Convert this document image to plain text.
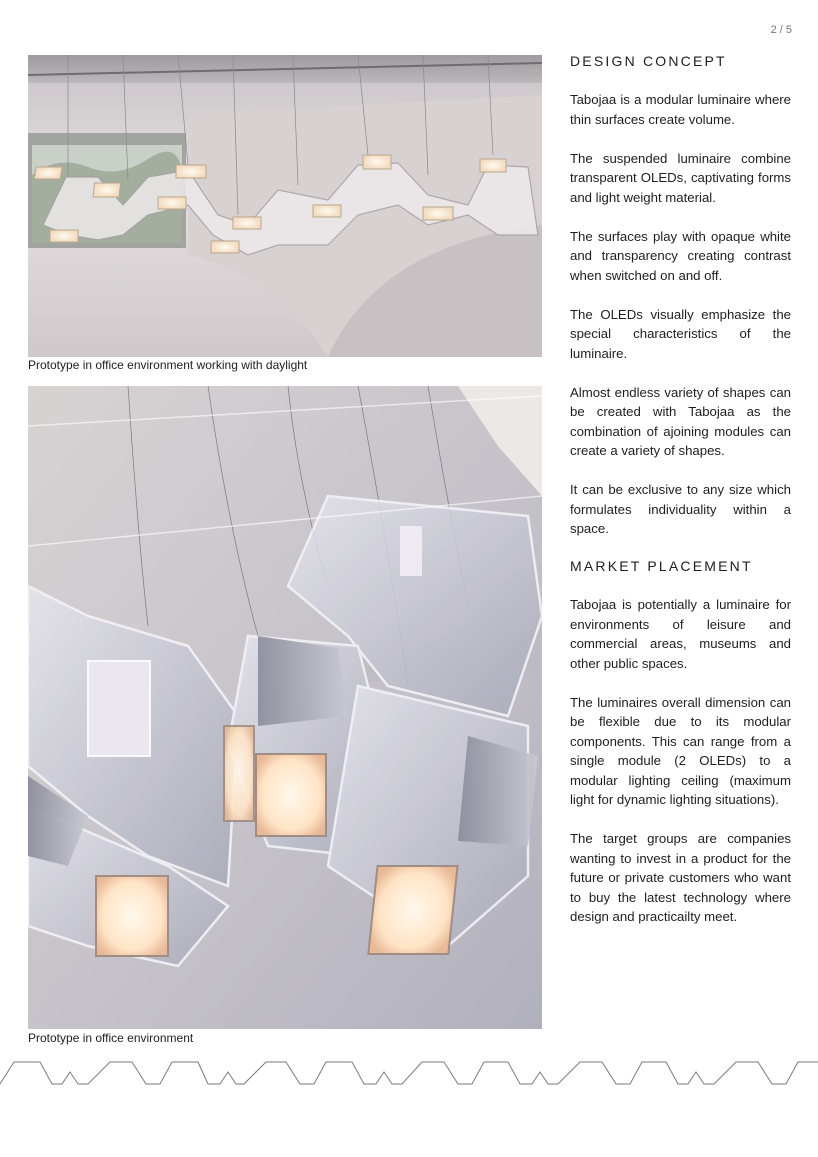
2 / 5
Prototype in office environment working with daylight
Prototype in office environment
DESIGN CONCEPT

Tabojaa is a modular luminaire where thin surfaces create volume.

The suspended luminaire combine transparent OLEDs, captivating forms and light weight material.

The surfaces play with opaque white and transparency creating contrast when switched on and off.

The OLEDs visually emphasize the special characteristics of the luminaire.

Almost endless variety of shapes can be created with Tabojaa as the combination of ajoining modules can create a variety of shapes.

It can be exclusive to any size which formulates individuality within a space.

MARKET PLACEMENT

Tabojaa is potentially a luminaire for environments of leisure and commercial areas, museums and other public spaces.

The luminaires overall dimension can be flexible due to its modular components. This can range from a single module (2 OLEDs) to a modular lighting ceiling (maximum light for dynamic lighting situations).

The target groups are companies wanting to invest in a product for the future or private customers who want to buy the latest technology where design and practicailty meet.
